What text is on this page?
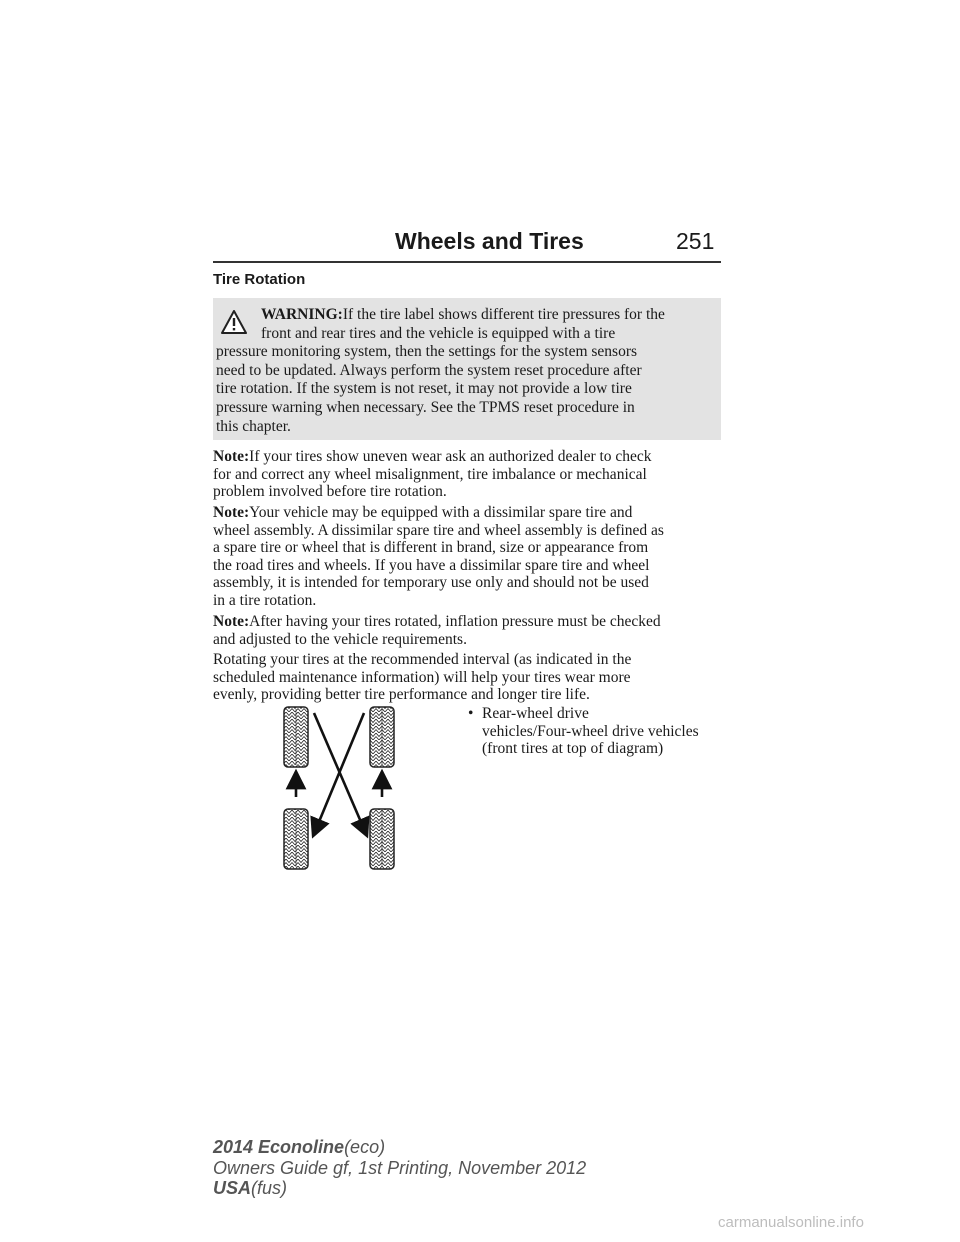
Wheels and Tires	251
Tire Rotation
WARNING:If the tire label shows different tire pressures for the
front and rear tires and the vehicle is equipped with a tire
pressure monitoring system, then the settings for the system sensors
need to be updated. Always perform the system reset procedure after
tire rotation. If the system is not reset, it may not provide a low tire
pressure warning when necessary. See the TPMS reset procedure in
Note:If your tires show uneven wear ask an authorized dealer to check
for and correct any wheel misalignment, tire imbalance or mechanical
problem involved before tire rotation.
Note:Your vehicle may be equipped with a dissimilar spare tire and
wheel assembly. A dissimilar spare tire and wheel assembly is defined as
a spare tire or wheel that is different in brand, size or appearance from
the road tires and wheels. If you have a dissimilar spare tire and wheel
assembly, it is intended for temporary use only and should not be used
in a tire rotation.
Note:After having your tires rotated, inflation pressure must be checked
and adjusted to the vehicle requirements.
Rotating your tires at the recommended interval (as indicated in the
scheduled maintenance information) will help your tires wear more
evenly, providing better tire performance and longer tire life.
• Rear-wheel drive
vehicles/Four-wheel drive vehicles
(front tires at top of diagram)
2014 Econoline(eco)
Owners Guide gf, 1st Printing, November 2012
USA(fus)
carmanualsonline.info
this chapter.
